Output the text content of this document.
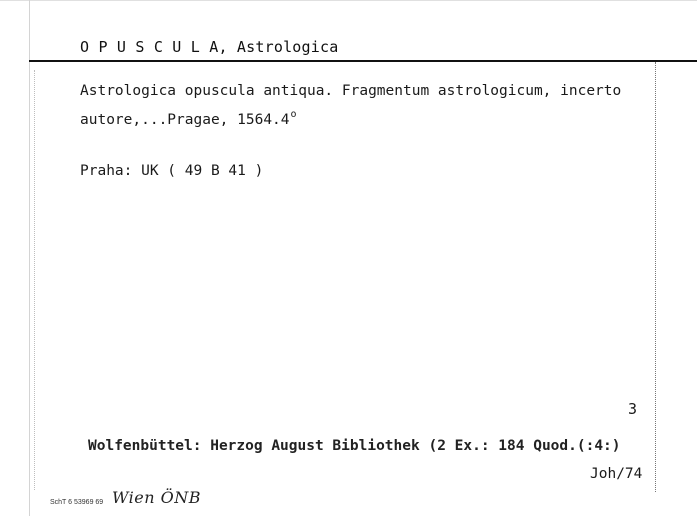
O P U S C U L A, Astrologica
Astrologica opuscula antiqua. Fragmentum astrologicum, incerto
autore,...Pragae, 1564.4$^o$
Praha: UK ( 49 B 41 )
3
Wolfenbüttel: Herzog August Bibliothek (2 Ex.: 184 Quod.(:4:)
Joh/74
SchT 6 53969 69 Wien ÖNB
